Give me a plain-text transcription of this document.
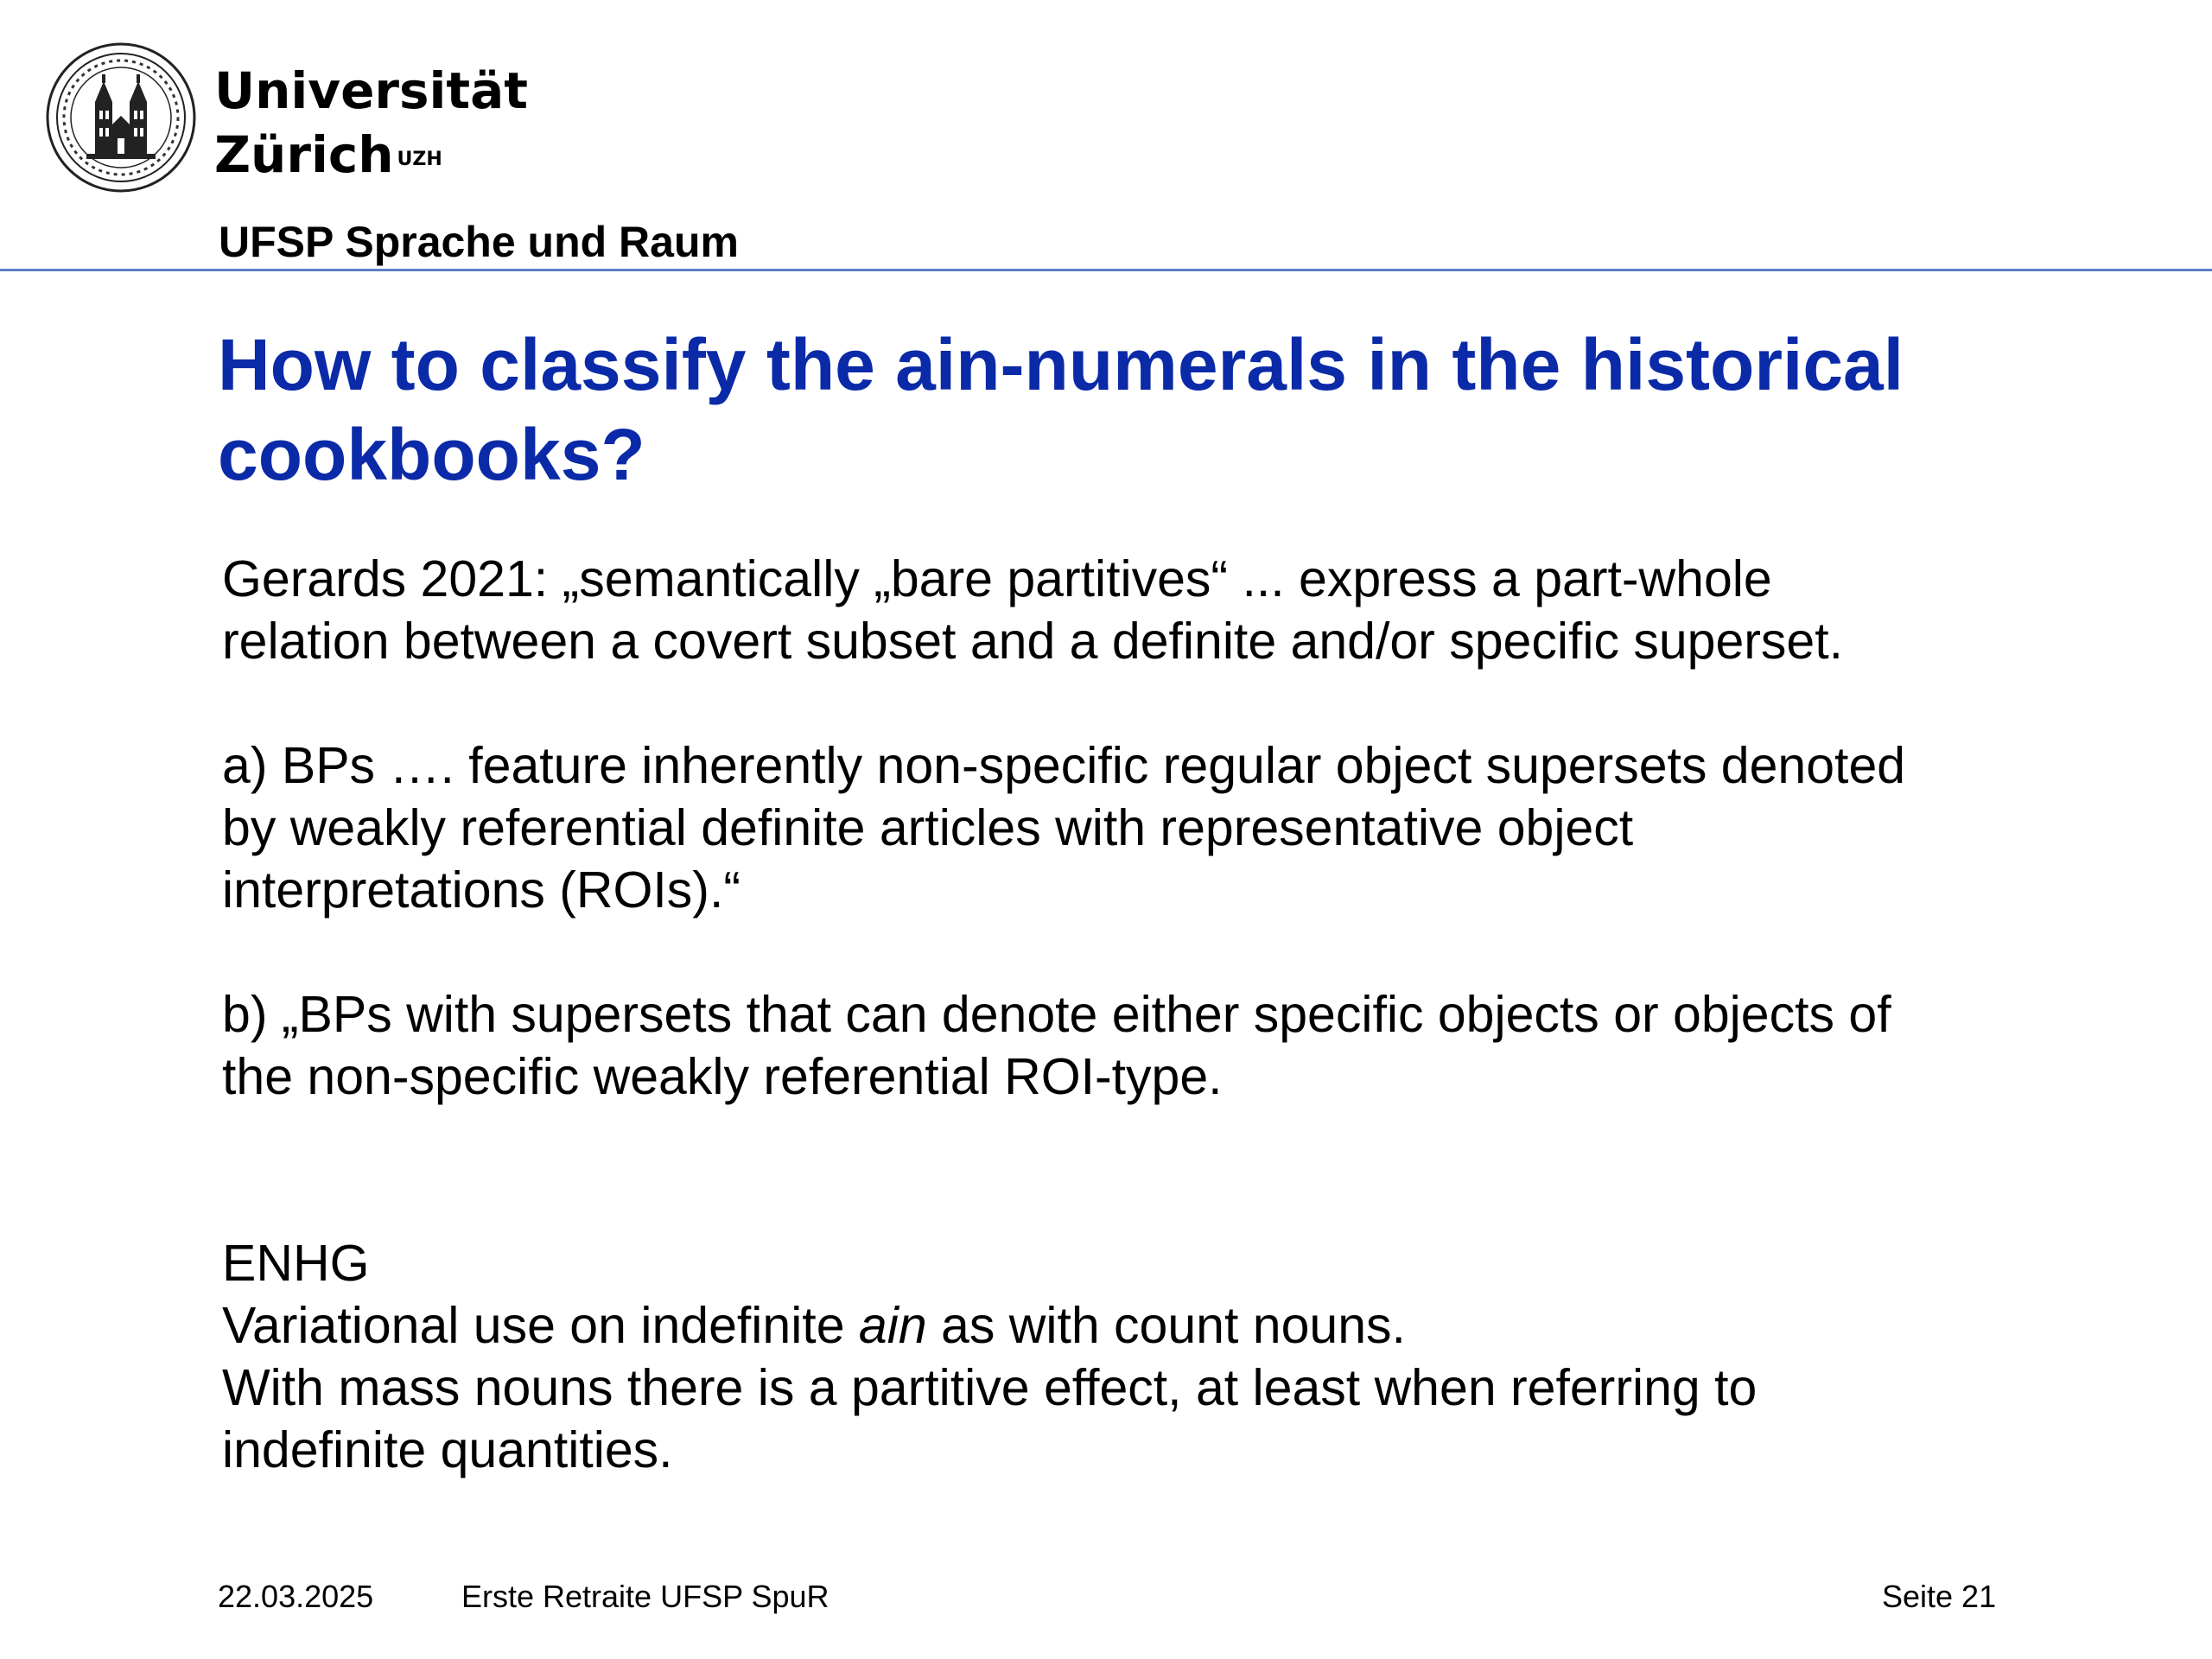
Universität
Zürich $^{UZH}$
UFSP Sprache und Raum
How to classify the ain-numerals in the historical cookbooks?

Gerards 2021: „semantically „bare partitives“ ... express a part-whole

relation between a covert subset and a definite and/or specific superset.

a) BPs …. feature inherently non-specific regular object supersets denoted

by weakly referential definite articles with representative object

interpretations (ROIs).“

b) „BPs with supersets that can denote either specific objects or objects of

the non-specific weakly referential ROI-type.

ENHG

Variational use on indefinite ain as with count nouns.

With mass nouns there is a partitive effect, at least when referring to

indefinite quantities.

22.03.2025	Erste Retraite UFSP SpuR	Seite 21
